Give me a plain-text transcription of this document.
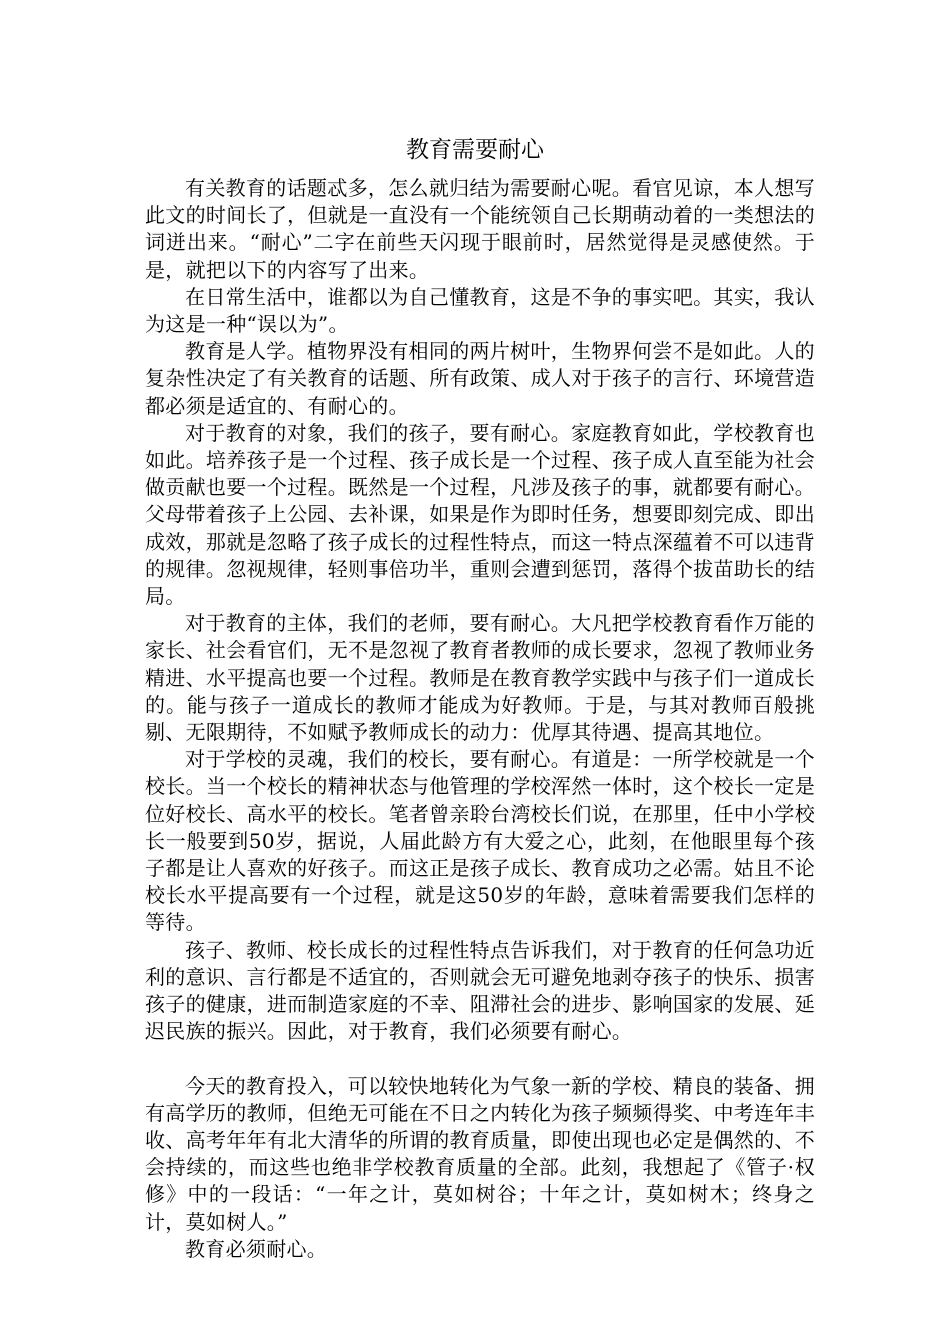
教育需要耐心

有关教育的话题忒多，怎么就归结为需要耐心呢。看官见谅，本人想写此文的时间长了，但就是一直没有一个能统领自己长期萌动着的一类想法的词迸出来。“耐心”二字在前些天闪现于眼前时，居然觉得是灵感使然。于是，就把以下的内容写了出来。

在日常生活中，谁都以为自己懂教育，这是不争的事实吧。其实，我认为这是一种“误以为”。

教育是人学。植物界没有相同的两片树叶，生物界何尝不是如此。人的复杂性决定了有关教育的话题、所有政策、成人对于孩子的言行、环境营造都必须是适宜的、有耐心的。

对于教育的对象，我们的孩子，要有耐心。家庭教育如此，学校教育也如此。培养孩子是一个过程、孩子成长是一个过程、孩子成人直至能为社会做贡献也要一个过程。既然是一个过程，凡涉及孩子的事，就都要有耐心。父母带着孩子上公园、去补课，如果是作为即时任务，想要即刻完成、即出成效，那就是忽略了孩子成长的过程性特点，而这一特点深蕴着不可以违背的规律。忽视规律，轻则事倍功半，重则会遭到惩罚，落得个拔苗助长的结局。

对于教育的主体，我们的老师，要有耐心。大凡把学校教育看作万能的家长、社会看官们，无不是忽视了教育者教师的成长要求，忽视了教师业务精进、水平提高也要一个过程。教师是在教育教学实践中与孩子们一道成长的。能与孩子一道成长的教师才能成为好教师。于是，与其对教师百般挑剔、无限期待，不如赋予教师成长的动力：优厚其待遇、提高其地位。

对于学校的灵魂，我们的校长，要有耐心。有道是：一所学校就是一个校长。当一个校长的精神状态与他管理的学校浑然一体时，这个校长一定是位好校长、高水平的校长。笔者曾亲聆台湾校长们说，在那里，任中小学校长一般要到50岁，据说，人届此龄方有大爱之心，此刻，在他眼里每个孩子都是让人喜欢的好孩子。而这正是孩子成长、教育成功之必需。姑且不论校长水平提高要有一个过程，就是这50岁的年龄，意味着需要我们怎样的等待。

孩子、教师、校长成长的过程性特点告诉我们，对于教育的任何急功近利的意识、言行都是不适宜的，否则就会无可避免地剥夺孩子的快乐、损害孩子的健康，进而制造家庭的不幸、阻滞社会的进步、影响国家的发展、延迟民族的振兴。因此，对于教育，我们必须要有耐心。

今天的教育投入，可以较快地转化为气象一新的学校、精良的装备、拥有高学历的教师，但绝无可能在不日之内转化为孩子频频得奖、中考连年丰收、高考年年有北大清华的所谓的教育质量，即使出现也必定是偶然的、不会持续的，而这些也绝非学校教育质量的全部。此刻，我想起了《管子·权修》中的一段话：“一年之计，莫如树谷；十年之计，莫如树木；终身之计，莫如树人。”

教育必须耐心。
